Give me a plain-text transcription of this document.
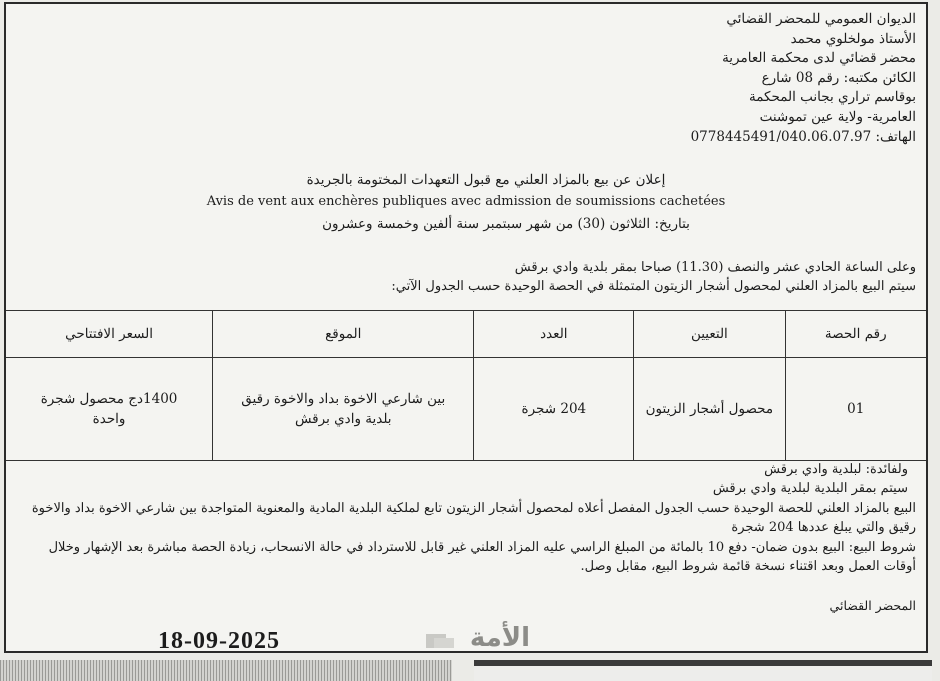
الديوان العمومي للمحضر القضائي
الأستاذ مولخلوي محمد
محضر قضائي لدى محكمة العامرية
الكائن مكتبه: رقم 08 شارع
بوقاسم تراري بجانب المحكمة
العامرية- ولاية عين تموشنت
الهاتف: 0778445491/040.06.07.97
إعلان عن بيع بالمزاد العلني مع قبول التعهدات المختومة بالجريدة
Avis de vent aux enchères publiques avec admission de soumissions cachetées
بتاريخ: الثلاثون (30) من شهر سبتمبر سنة ألفين وخمسة وعشرون
وعلى الساعة الحادي عشر والنصف (11.30) صباحا بمقر بلدية وادي برقش
سيتم البيع بالمزاد العلني لمحصول أشجار الزيتون المتمثلة في الحصة الوحيدة حسب الجدول الآتي:
رقم الحصة	التعيين	العدد	الموقع	السعر الافتتاحي
01	محصول أشجار الزيتون	204 شجرة	بين شارعي الاخوة بداد والاخوة رقيق بلدية وادي برقش	1400دج محصول شجرة واحدة

ولفائدة: لبلدية وادي برقش

سيتم بمقر البلدية لبلدية وادي برقش

البيع بالمزاد العلني للحصة الوحيدة حسب الجدول المفصل أعلاه لمحصول أشجار الزيتون تابع لملكية البلدية المادية والمعنوية المتواجدة بين شارعي الاخوة بداد والاخوة رقيق والتي يبلغ عددها 204 شجرة

شروط البيع: البيع بدون ضمان- دفع 10 بالمائة من المبلغ الراسي عليه المزاد العلني غير قابل للاسترداد في حالة الانسحاب، زيادة الحصة مباشرة بعد الإشهار وخلال أوقات العمل وبعد اقتناء نسخة قائمة شروط البيع، مقابل وصل.

المحضر القضائي
الأمة
18-09-2025
